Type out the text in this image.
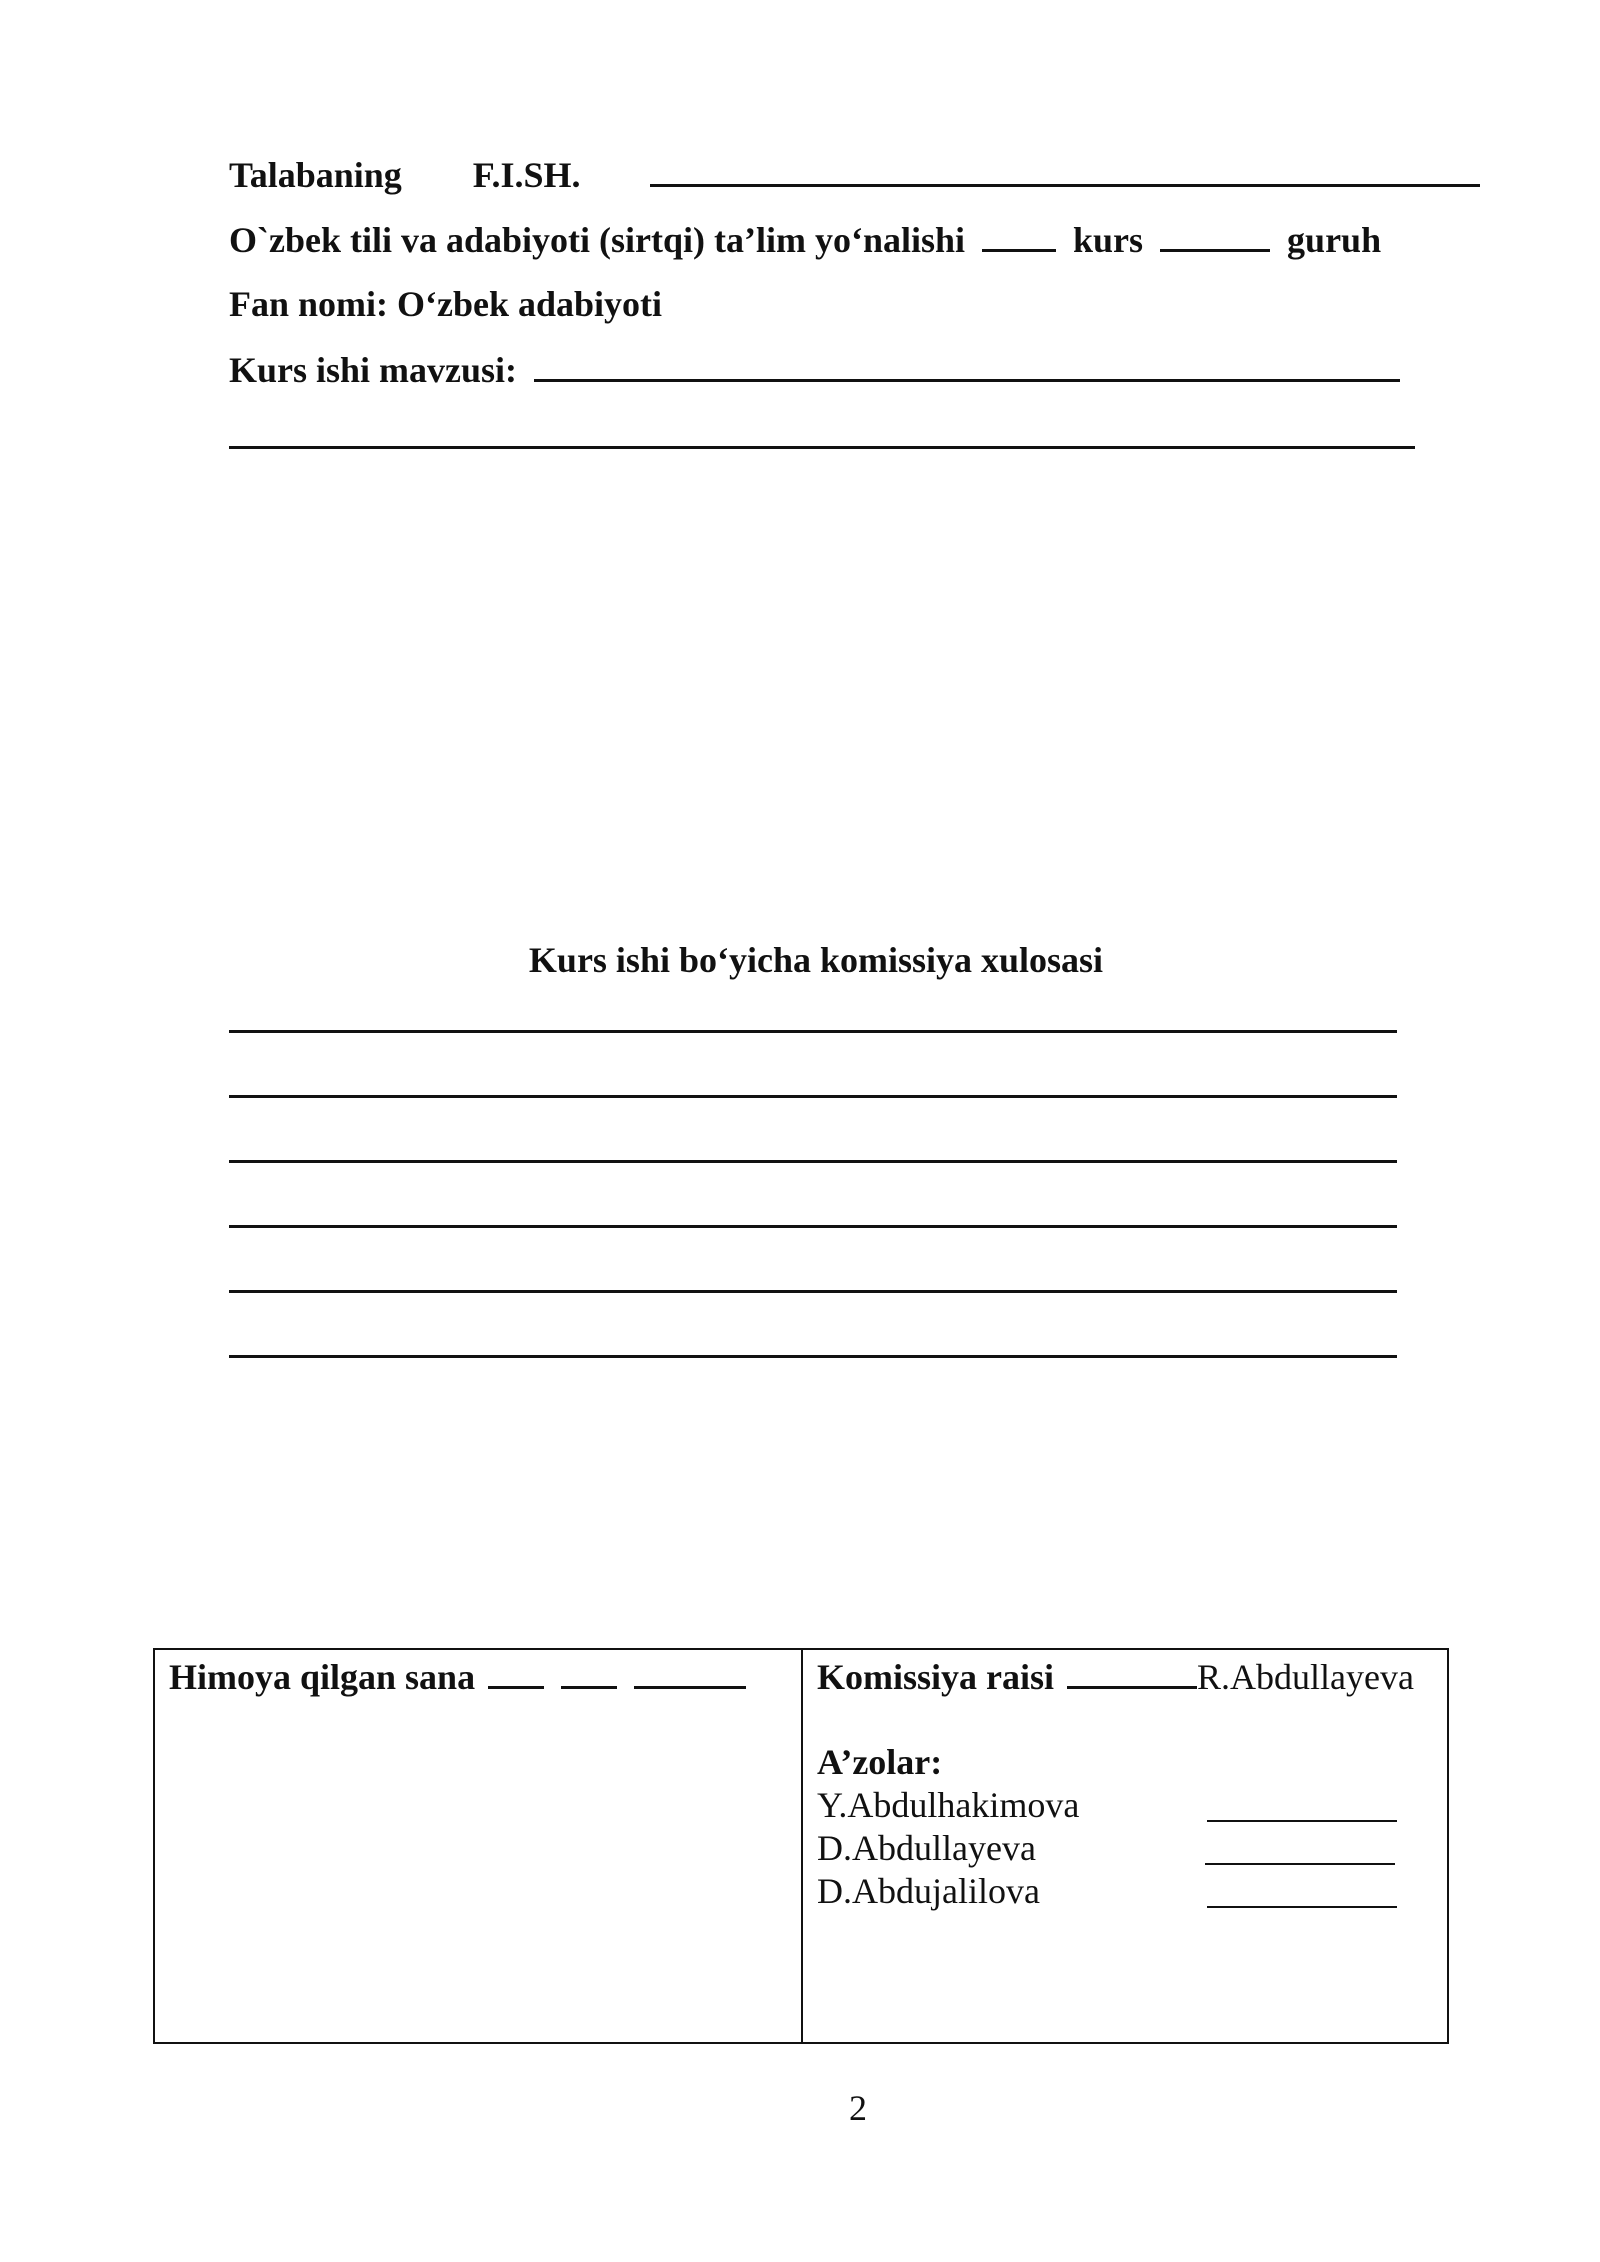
Talabaning F.I.SH.
O`zbek tili va adabiyoti (sirtqi) ta’lim yo‘nalishi	kurs	guruh
Fan nomi: O‘zbek adabiyoti
Kurs ishi mavzusi:
Kurs ishi bo‘yicha komissiya xulosasi
Himoya qilgan sana	Komissiya raisi	R.Abdullayeva
A’zolar:
Y.Abdulhakimova
D.Abdullayeva
D.Abdujalilova
2
